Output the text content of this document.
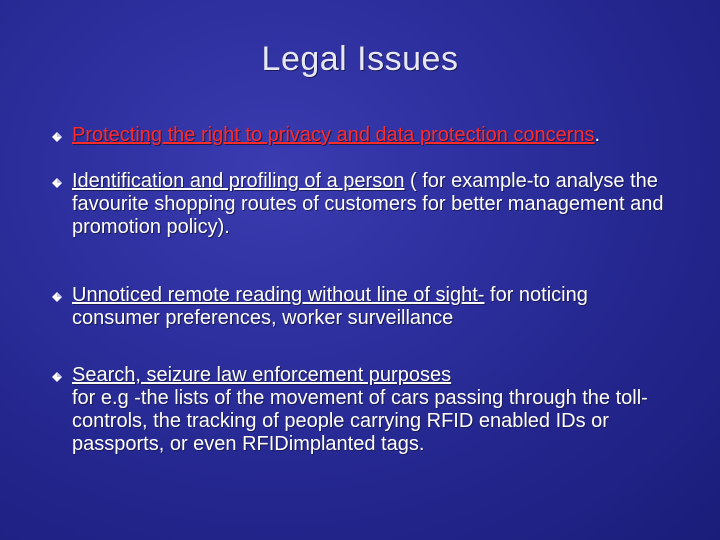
Legal Issues
Protecting the right to privacy and data protection concerns.
Identification and profiling of a person ( for example-to analyse the favourite shopping routes of customers for better management and promotion policy).
Unnoticed remote reading without line of sight- for noticing consumer preferences, worker surveillance
Search, seizure law enforcement purposes
for e.g -the lists of the movement of cars passing through the toll-controls, the tracking of people carrying RFID enabled IDs or passports, or even RFIDimplanted tags.
